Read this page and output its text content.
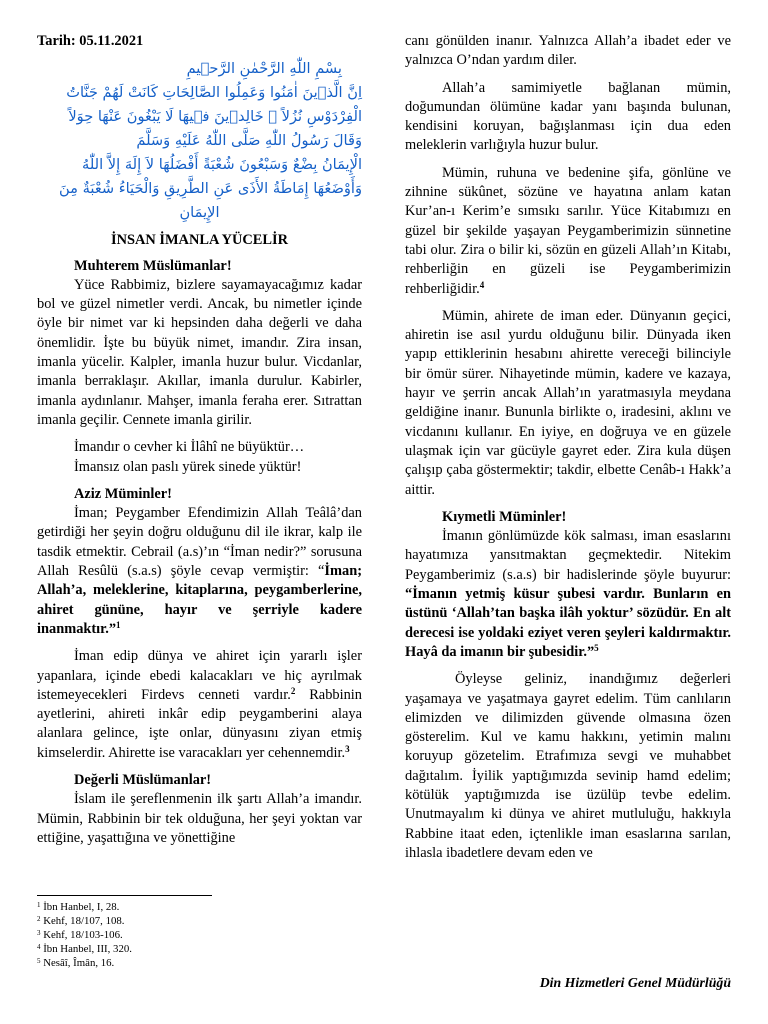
Tarih: 05.11.2021

بِسْمِ اللّٰهِ الرَّحْمٰنِ الرَّح۪يمِ
اِنَّ الَّذ۪ينَ اٰمَنُوا وَعَمِلُوا الصَّالِحَاتِ كَانَتْ لَهُمْ جَنَّاتُ
الْفِرْدَوْسِ نُزُلاً ۙ خَالِد۪ينَ ف۪يهَا لَا يَبْغُونَ عَنْهَا حِوَلاً
وَقَالَ رَسُولُ اللّٰهِ صَلَّى اللّٰهُ عَلَيْهِ وَسَلَّمَ
الْإِيمَانُ بِضْعٌ وَسَبْعُونَ شُعْبَةً أَفْضَلُهَا لاَ إِلَهَ إِلاَّ اللّٰهُ
وَأَوْضَعُهَا إِمَاطَةُ الأَذَى عَنِ الطَّرِيقِ وَالْحَيَاءُ شُعْبَةٌ مِنَ
الإِيمَانِ

İNSAN İMANLA YÜCELİR

Muhterem Müslümanlar!

Yüce Rabbimiz, bizlere sayamayacağımız kadar bol ve güzel nimetler verdi. Ancak, bu nimetler içinde öyle bir nimet var ki hepsinden daha değerli ve daha önemlidir. İşte bu büyük nimet, imandır. Zira insan, imanla yücelir. Kalpler, imanla huzur bulur. Vicdanlar, imanla berraklaşır. Akıllar, imanla durulur. Kabirler, imanla aydınlanır. Mahşer, imanla feraha erer. Sıtrattan imanla geçilir. Cennete imanla girilir.

İmandır o cevher ki İlâhî ne büyüktür…
İmansız olan paslı yürek sinede yüktür!

Aziz Müminler!

İman; Peygamber Efendimizin Allah Teâlâ’dan getirdiği her şeyin doğru olduğunu dil ile ikrar, kalp ile tasdik etmektir. Cebrail (a.s)’ın “İman nedir?” sorusuna Allah Resûlü (s.a.s) şöyle cevap vermiştir: “İman; Allah’a, meleklerine, kitaplarına, peygamberlerine, ahiret gününe, hayır ve şerriyle kadere inanmaktır.”$^1$

İman edip dünya ve ahiret için yararlı işler yapanlara, içinde ebedi kalacakları ve hiç ayrılmak istemeyecekleri Firdevs cenneti vardır.$^2$ Rabbinin ayetlerini, ahireti inkâr edip peygamberini alaya alanlara gelince, işte onlar, dünyasını ziyan etmiş kimselerdir. Ahirette ise varacakları yer cehennemdir.$^3$

Değerli Müslümanlar!

İslam ile şereflenmenin ilk şartı Allah’a imandır. Mümin, Rabbinin bir tek olduğuna, her şeyi yoktan var ettiğine, yaşattığına ve yönettiğine

canı gönülden inanır. Yalnızca Allah’a ibadet eder ve yalnızca O’ndan yardım diler.

Allah’a samimiyetle bağlanan mümin, doğumundan ölümüne kadar yanı başında bulunan, kendisini koruyan, bağışlanması için dua eden meleklerin varlığıyla huzur bulur.

Mümin, ruhuna ve bedenine şifa, gönlüne ve zihnine sükûnet, sözüne ve hayatına anlam katan Kur’an-ı Kerim’e sımsıkı sarılır. Yüce Kitabımızı en güzel bir şekilde yaşayan Peygamberimizin sünnetine tabi olur. Zira o bilir ki, sözün en güzeli Allah’ın Kitabı, rehberliğin en güzeli ise Peygamberimizin rehberliğidir.$^4$

Mümin, ahirete de iman eder. Dünyanın geçici, ahiretin ise asıl yurdu olduğunu bilir. Dünyada iken yapıp ettiklerinin hesabını ahirette vereceği bilinciyle bir ömür sürer. Nihayetinde mümin, kadere ve kazaya, hayır ve şerrin ancak Allah’ın yaratmasıyla meydana geldiğine inanır. Bununla birlikte o, iradesini, aklını ve vicdanını kullanır. En iyiye, en doğruya ve en güzele ulaşmak için var gücüyle gayret eder. Zira kula düşen çalışıp çaba göstermektir; takdir, elbette Cenâb-ı Hakk’a aittir.

Kıymetli Müminler!

İmanın gönlümüzde kök salması, iman esaslarını hayatımıza yansıtmaktan geçmektedir. Nitekim Peygamberimiz (s.a.s) bir hadislerinde şöyle buyurur: “İmanın yetmiş küsur şubesi vardır. Bunların en üstünü ‘Allah’tan başka ilâh yoktur’ sözüdür. En alt derecesi ise yoldaki eziyet veren şeyleri kaldırmaktır. Hayâ da imanın bir şubesidir.”$^5$

Öyleyse geliniz, inandığımız değerleri yaşamaya ve yaşatmaya gayret edelim. Tüm canlıların elimizden ve dilimizden güvende olmasına özen gösterelim. Kul ve kamu hakkını, yetimin malını koruyup gözetelim. Etrafımıza sevgi ve muhabbet dağıtalım. İyilik yaptığımızda sevinip hamd edelim; kötülük yaptığımızda ise üzülüp tevbe edelim. Unutmayalım ki dünya ve ahiret mutluluğu, hakkıyla Rabbine itaat eden, içtenlikle iman esaslarına sarılan, ihlasla ibadetlere devam eden ve

$^1$ İbn Hanbel, I, 28.
$^2$ Kehf, 18/107, 108.
$^3$ Kehf, 18/103-106.
$^4$ İbn Hanbel, III, 320.
$^5$ Nesâî, Îmân, 16.
Din Hizmetleri Genel Müdürlüğü
